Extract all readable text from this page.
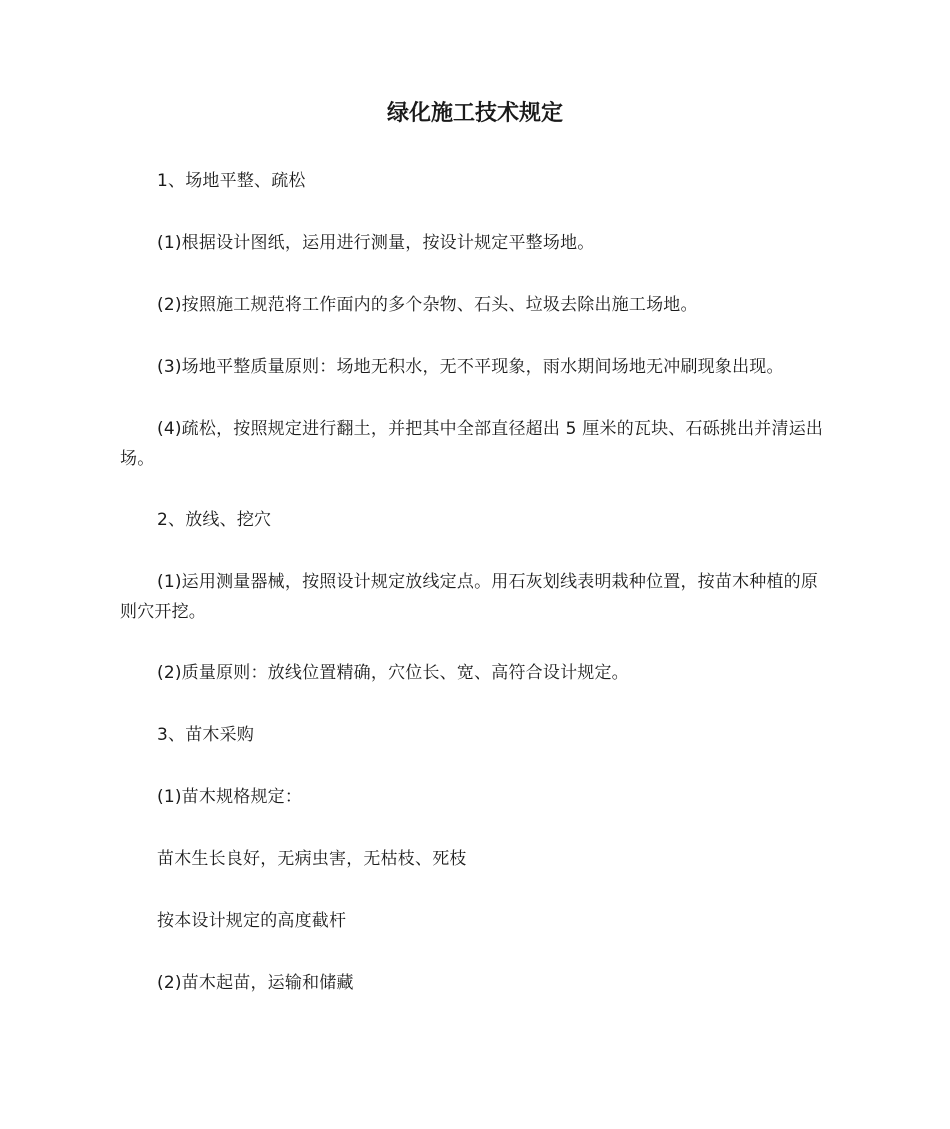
绿化施工技术规定

1、场地平整、疏松

(1)根据设计图纸，运用进行测量，按设计规定平整场地。

(2)按照施工规范将工作面内的多个杂物、石头、垃圾去除出施工场地。

(3)场地平整质量原则：场地无积水，无不平现象，雨水期间场地无冲刷现象出现。

(4)疏松，按照规定进行翻土，并把其中全部直径超出 5 厘米的瓦块、石砾挑出并清运出场。

2、放线、挖穴

(1)运用测量器械，按照设计规定放线定点。用石灰划线表明栽种位置，按苗木种植的原则穴开挖。

(2)质量原则：放线位置精确，穴位长、宽、高符合设计规定。

3、苗木采购

(1)苗木规格规定：

苗木生长良好，无病虫害，无枯枝、死枝

按本设计规定的高度截杆

(2)苗木起苗，运输和储藏
